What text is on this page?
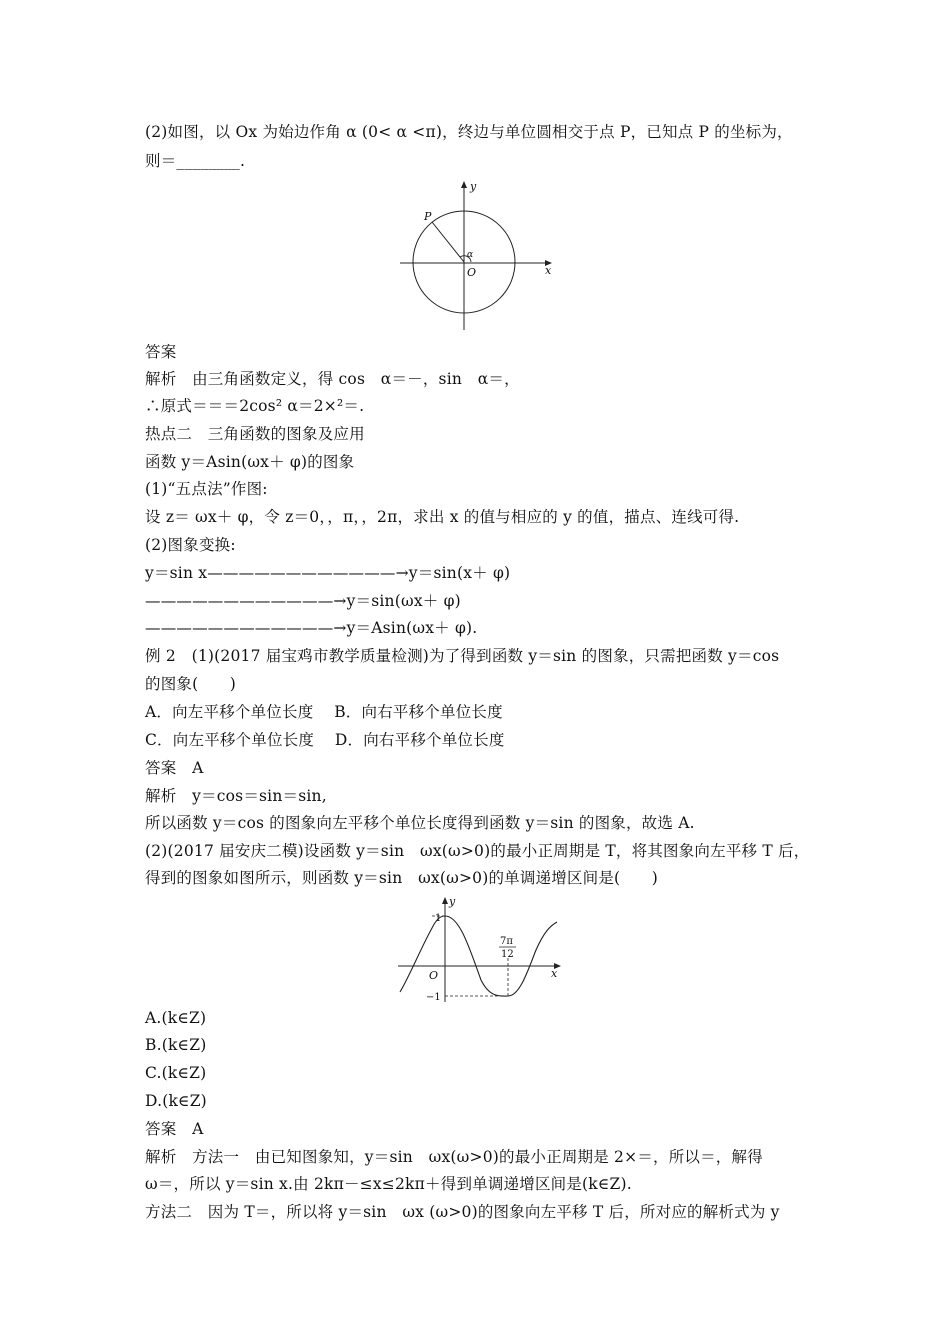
(2)如图，以 Ox 为始边作角 α (0< α <π)，终边与单位圆相交于点 P，已知点 P 的坐标为，
则＝________.
y
x
O
P
α
答案
解析　由三角函数定义，得 cos　α＝－，sin　α＝，
∴原式＝＝＝2cos² α＝2×²＝.
热点二　三角函数的图象及应用
函数 y＝Asin(ωx＋ φ)的图象
(1)“五点法”作图:
设 z＝ ωx＋ φ，令 z＝0，，π，，2π，求出 x 的值与相应的 y 的值，描点、连线可得.
(2)图象变换:
y＝sin x————————————→y＝sin(x＋ φ)
————————————→y＝sin(ωx＋ φ)
————————————→y＝Asin(ωx＋ φ).
例 2　(1)(2017 届宝鸡市教学质量检测)为了得到函数 y＝sin 的图象，只需把函数 y＝cos
的图象(　　)
A．向左平移个单位长度　 B．向右平移个单位长度
C．向左平移个单位长度　 D．向右平移个单位长度
答案　A
解析　y＝cos＝sin＝sin,
所以函数 y＝cos 的图象向左平移个单位长度得到函数 y＝sin 的图象，故选 A.
(2)(2017 届安庆二模)设函数 y＝sin　ωx(ω>0)的最小正周期是 T，将其图象向左平移 T 后，
得到的图象如图所示，则函数 y＝sin　ωx(ω>0)的单调递增区间是(　　)
y
x
O
1
−1
7π
12
A.(k∈Z)
B.(k∈Z)
C.(k∈Z)
D.(k∈Z)
答案　A
解析　方法一　由已知图象知，y＝sin　ωx(ω>0)的最小正周期是 2×＝，所以＝，解得
ω＝，所以 y＝sin x.由 2kπ－≤x≤2kπ＋得到单调递增区间是(k∈Z).
方法二　因为 T＝，所以将 y＝sin　ωx (ω>0)的图象向左平移 T 后，所对应的解析式为 y
